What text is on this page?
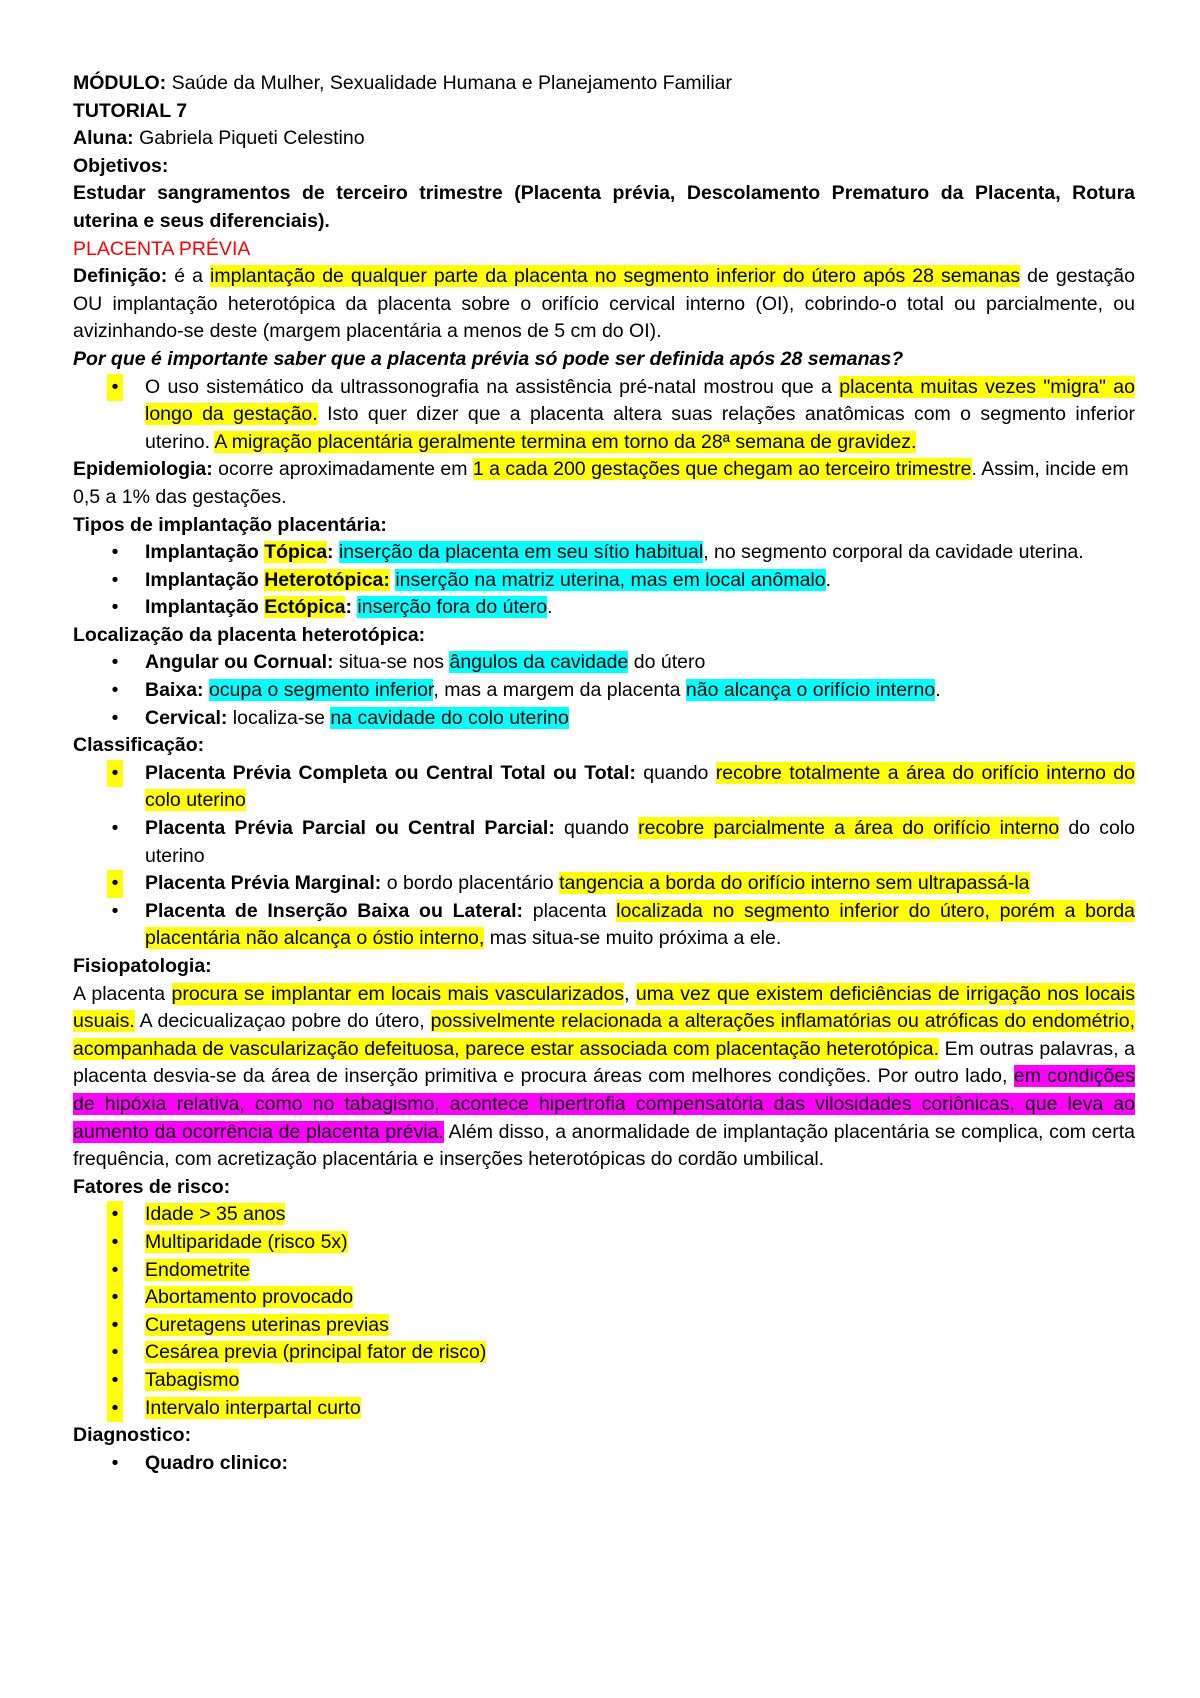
MÓDULO: Saúde da Mulher, Sexualidade Humana e Planejamento Familiar

TUTORIAL 7

Aluna: Gabriela Piqueti Celestino

Objetivos:

Estudar sangramentos de terceiro trimestre (Placenta prévia, Descolamento Prematuro da Placenta, Rotura uterina e seus diferenciais).

PLACENTA PRÉVIA

Definição: é a implantação de qualquer parte da placenta no segmento inferior do útero após 28 semanas de gestação OU implantação heterotópica da placenta sobre o orifício cervical interno (OI), cobrindo-o total ou parcialmente, ou avizinhando-se deste (margem placentária a menos de 5 cm do OI).

Por que é importante saber que a placenta prévia só pode ser definida após 28 semanas?

• O uso sistemático da ultrassonografia na assistência pré-natal mostrou que a placenta muitas vezes "migra" ao longo da gestação. Isto quer dizer que a placenta altera suas relações anatômicas com o segmento inferior uterino. A migração placentária geralmente termina em torno da 28ª semana de gravidez.

Epidemiologia: ocorre aproximadamente em 1 a cada 200 gestações que chegam ao terceiro trimestre. Assim, incide em 0,5 a 1% das gestações.

Tipos de implantação placentária:

• Implantação Tópica: inserção da placenta em seu sítio habitual, no segmento corporal da cavidade uterina.
• Implantação Heterotópica: inserção na matriz uterina, mas em local anômalo.
• Implantação Ectópica: inserção fora do útero.

Localização da placenta heterotópica:

• Angular ou Cornual: situa-se nos ângulos da cavidade do útero
• Baixa: ocupa o segmento inferior, mas a margem da placenta não alcança o orifício interno.
• Cervical: localiza-se na cavidade do colo uterino

Classificação:

• Placenta Prévia Completa ou Central Total ou Total: quando recobre totalmente a área do orifício interno do colo uterino
• Placenta Prévia Parcial ou Central Parcial: quando recobre parcialmente a área do orifício interno do colo uterino
• Placenta Prévia Marginal: o bordo placentário tangencia a borda do orifício interno sem ultrapassá-la
• Placenta de Inserção Baixa ou Lateral: placenta localizada no segmento inferior do útero, porém a borda placentária não alcança o óstio interno, mas situa-se muito próxima a ele.

Fisiopatologia:

A placenta procura se implantar em locais mais vascularizados, uma vez que existem deficiências de irrigação nos locais usuais. A decicualizaçao pobre do útero, possivelmente relacionada a alterações inflamatórias ou atróficas do endométrio, acompanhada de vascularização defeituosa, parece estar associada com placentação heterotópica. Em outras palavras, a placenta desvia-se da área de inserção primitiva e procura áreas com melhores condições. Por outro lado, em condições de hipóxia relativa, como no tabagismo, acontece hipertrofia compensatória das vilosidades coriônicas, que leva ao aumento da ocorrência de placenta prévia. Além disso, a anormalidade de implantação placentária se complica, com certa frequência, com acretização placentária e inserções heterotópicas do cordão umbilical.

Fatores de risco:

• Idade > 35 anos
• Multiparidade (risco 5x)
• Endometrite
• Abortamento provocado
• Curetagens uterinas previas
• Cesárea previa (principal fator de risco)
• Tabagismo
• Intervalo interpartal curto

Diagnostico:

• Quadro clinico:
